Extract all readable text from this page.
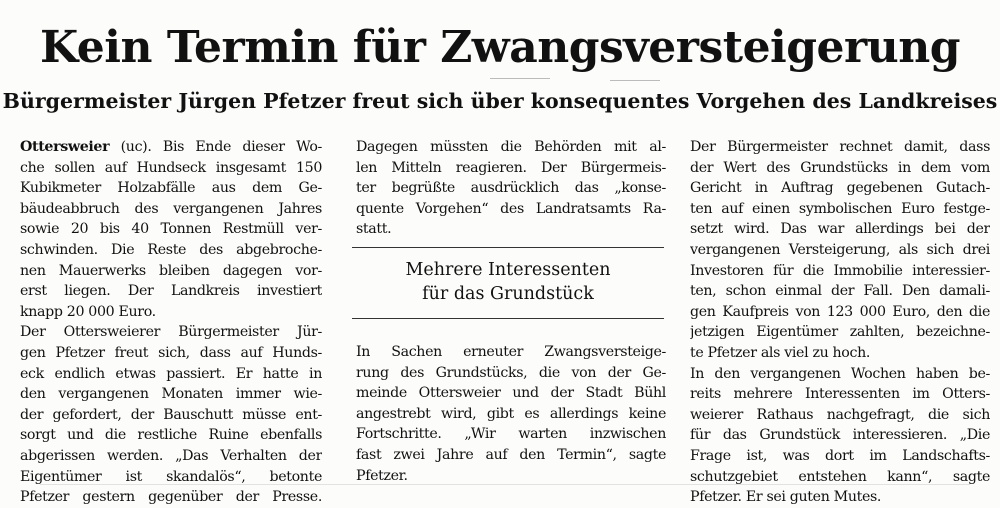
Kein Termin für Zwangsversteigerung
Bürgermeister Jürgen Pfetzer freut sich über konsequentes Vorgehen des Landkreises
Ottersweier (uc). Bis Ende dieser Wo-
che sollen auf Hundseck insgesamt 150
Kubikmeter Holzabfälle aus dem Ge-
bäudeabbruch des vergangenen Jahres
sowie 20 bis 40 Tonnen Restmüll ver-
schwinden. Die Reste des abgebroche-
nen Mauerwerks bleiben dagegen vor-
erst liegen. Der Landkreis investiert
knapp 20 000 Euro.
Der Ottersweierer Bürgermeister Jür-
gen Pfetzer freut sich, dass auf Hunds-
eck endlich etwas passiert. Er hatte in
den vergangenen Monaten immer wie-
der gefordert, der Bauschutt müsse ent-
sorgt und die restliche Ruine ebenfalls
abgerissen werden. „Das Verhalten der
Eigentümer ist skandalös“, betonte
Pfetzer gestern gegenüber der Presse.
Dagegen müssten die Behörden mit al-
len Mitteln reagieren. Der Bürgermeis-
ter begrüßte ausdrücklich das „konse-
quente Vorgehen“ des Landratsamts Ra-
statt.
Mehrere Interessenten
für das Grundstück
In Sachen erneuter Zwangsversteige-
rung des Grundstücks, die von der Ge-
meinde Ottersweier und der Stadt Bühl
angestrebt wird, gibt es allerdings keine
Fortschritte. „Wir warten inzwischen
fast zwei Jahre auf den Termin“, sagte
Pfetzer.
Der Bürgermeister rechnet damit, dass
der Wert des Grundstücks in dem vom
Gericht in Auftrag gegebenen Gutach-
ten auf einen symbolischen Euro festge-
setzt wird. Das war allerdings bei der
vergangenen Versteigerung, als sich drei
Investoren für die Immobilie interessier-
ten, schon einmal der Fall. Den damali-
gen Kaufpreis von 123 000 Euro, den die
jetzigen Eigentümer zahlten, bezeichne-
te Pfetzer als viel zu hoch.
In den vergangenen Wochen haben be-
reits mehrere Interessenten im Otters-
weierer Rathaus nachgefragt, die sich
für das Grundstück interessieren. „Die
Frage ist, was dort im Landschafts-
schutzgebiet entstehen kann“, sagte
Pfetzer. Er sei guten Mutes.
